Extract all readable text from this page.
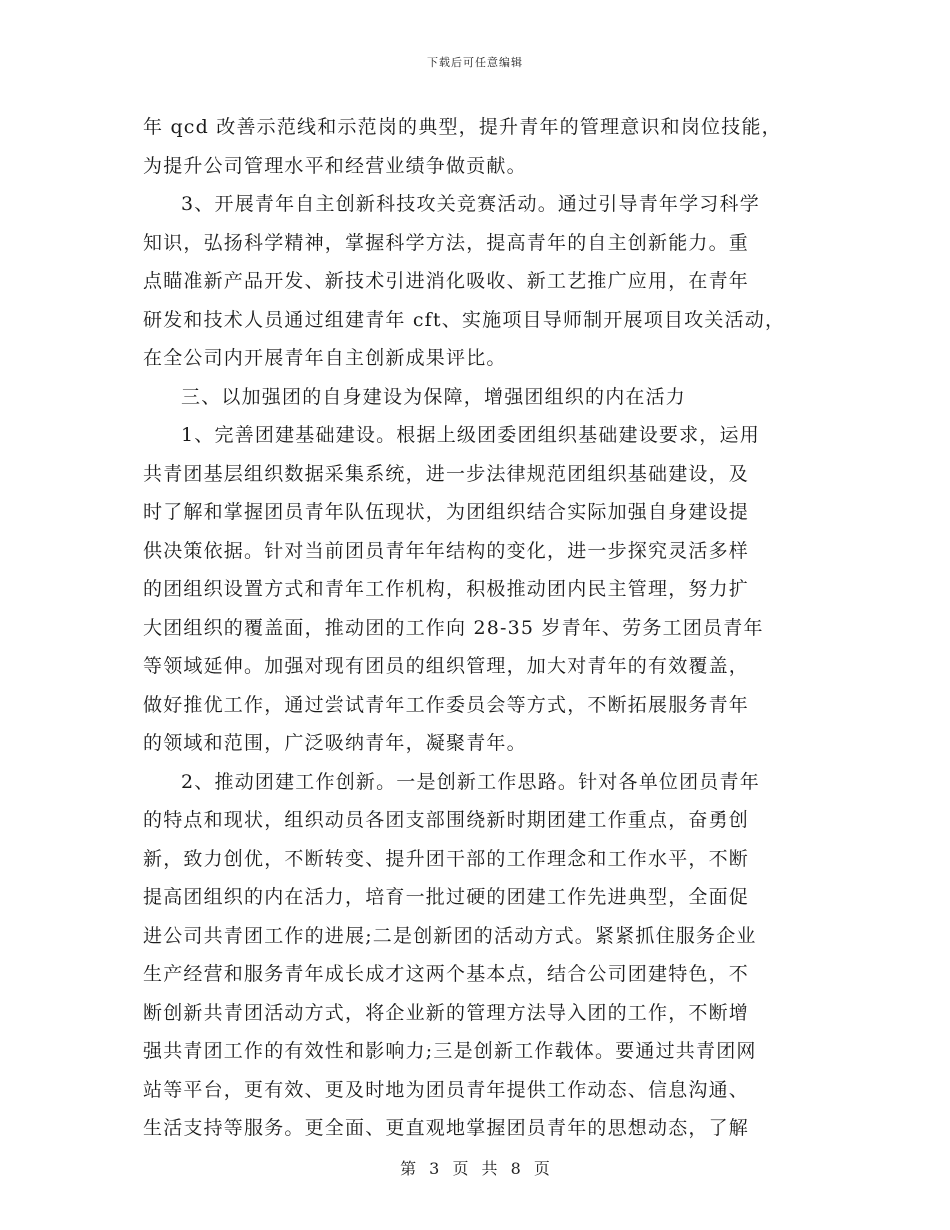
下载后可任意编辑
年 qcd 改善示范线和示范岗的典型，提升青年的管理意识和岗位技能，
为提升公司管理水平和经营业绩争做贡献。
3、开展青年自主创新科技攻关竞赛活动。通过引导青年学习科学
知识，弘扬科学精神，掌握科学方法，提高青年的自主创新能力。重
点瞄准新产品开发、新技术引进消化吸收、新工艺推广应用，在青年
研发和技术人员通过组建青年 cft、实施项目导师制开展项目攻关活动，
在全公司内开展青年自主创新成果评比。
三、以加强团的自身建设为保障，增强团组织的内在活力
1、完善团建基础建设。根据上级团委团组织基础建设要求，运用
共青团基层组织数据采集系统，进一步法律规范团组织基础建设，及
时了解和掌握团员青年队伍现状，为团组织结合实际加强自身建设提
供决策依据。针对当前团员青年年结构的变化，进一步探究灵活多样
的团组织设置方式和青年工作机构，积极推动团内民主管理，努力扩
大团组织的覆盖面，推动团的工作向 28-35 岁青年、劳务工团员青年
等领域延伸。加强对现有团员的组织管理，加大对青年的有效覆盖，
做好推优工作，通过尝试青年工作委员会等方式，不断拓展服务青年
的领域和范围，广泛吸纳青年，凝聚青年。
2、推动团建工作创新。一是创新工作思路。针对各单位团员青年
的特点和现状，组织动员各团支部围绕新时期团建工作重点，奋勇创
新，致力创优，不断转变、提升团干部的工作理念和工作水平，不断
提高团组织的内在活力，培育一批过硬的团建工作先进典型，全面促
进公司共青团工作的进展;二是创新团的活动方式。紧紧抓住服务企业
生产经营和服务青年成长成才这两个基本点，结合公司团建特色，不
断创新共青团活动方式，将企业新的管理方法导入团的工作，不断增
强共青团工作的有效性和影响力;三是创新工作载体。要通过共青团网
站等平台，更有效、更及时地为团员青年提供工作动态、信息沟通、
生活支持等服务。更全面、更直观地掌握团员青年的思想动态，了解
第 3 页 共 8 页
